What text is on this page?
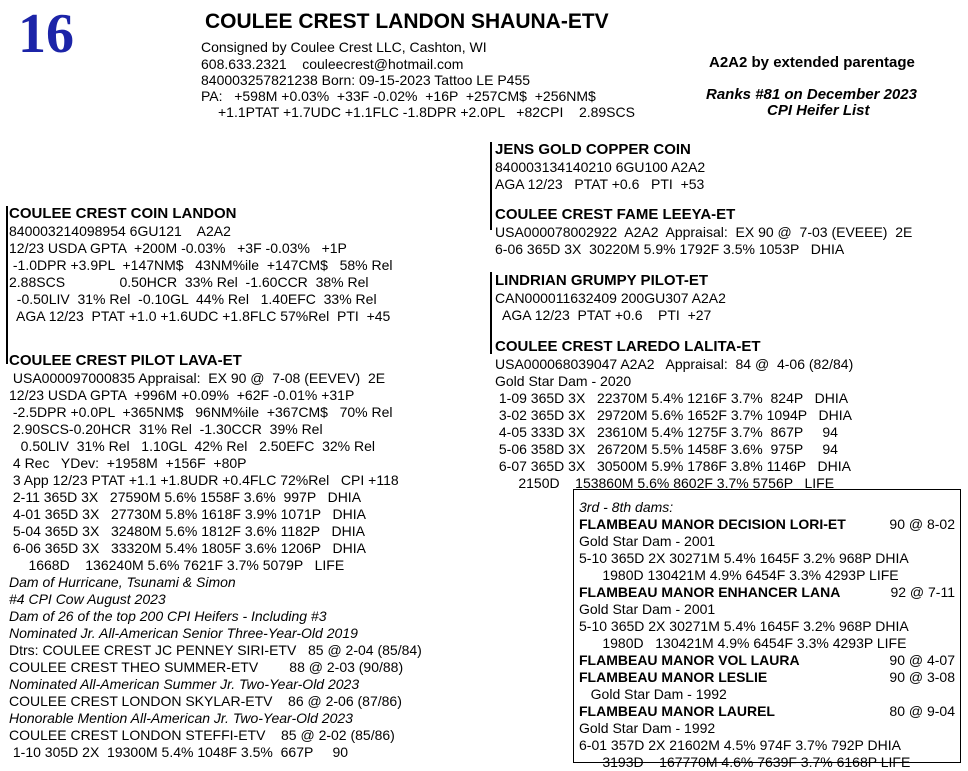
16	COULEE CREST LANDON SHAUNA-ETV
Consigned by Coulee Crest LLC, Cashton, WI
608.633.2321    couleecrest@hotmail.com
840003257821238 Born: 09-15-2023 Tattoo LE P455
PA:   +598M +0.03%  +33F -0.02%  +16P  +257CM$  +256NM$
+1.1PTAT +1.7UDC +1.1FLC -1.8DPR +2.0PL   +82CPI    2.89SCS
A2A2 by extended parentage
Ranks #81 on December 2023
CPI Heifer List
JENS GOLD COPPER COIN
840003134140210 6GU100 A2A2
AGA 12/23   PTAT +0.6   PTI  +53
COULEE CREST FAME LEEYA-ET
USA000078002922  A2A2  Appraisal:  EX 90 @  7-03 (EVEEE)  2E
6-06 365D 3X  30220M 5.9% 1792F 3.5% 1053P   DHIA
COULEE CREST COIN LANDON
840003214098954 6GU121    A2A2
12/23 USDA GPTA  +200M -0.03%   +3F -0.03%   +1P
-1.0DPR +3.9PL  +147NM$   43NM%ile  +147CM$   58% Rel
2.88SCS              0.50HCR  33% Rel  -1.60CCR  38% Rel
-0.50LIV  31% Rel  -0.10GL  44% Rel   1.40EFC  33% Rel
AGA 12/23  PTAT +1.0 +1.6UDC +1.8FLC 57%Rel  PTI  +45
LINDRIAN GRUMPY PILOT-ET
CAN000011632409 200GU307 A2A2
AGA 12/23  PTAT +0.6    PTI  +27
COULEE CREST LAREDO LALITA-ET
USA000068039047 A2A2   Appraisal:  84 @  4-06 (82/84)
Gold Star Dam - 2020
1-09 365D 3X   22370M 5.4% 1216F 3.7%  824P   DHIA
3-02 365D 3X   29720M 5.6% 1652F 3.7% 1094P   DHIA
4-05 333D 3X   23610M 5.4% 1275F 3.7%  867P     94
5-06 358D 3X   26720M 5.5% 1458F 3.6%  975P     94
6-07 365D 3X   30500M 5.9% 1786F 3.8% 1146P   DHIA
2150D    153860M 5.6% 8602F 3.7% 5756P   LIFE
COULEE CREST PILOT LAVA-ET
USA000097000835 Appraisal:  EX 90 @  7-08 (EEVEV)  2E
12/23 USDA GPTA  +996M +0.09%  +62F -0.01% +31P
-2.5DPR +0.0PL  +365NM$   96NM%ile  +367CM$   70% Rel
2.90SCS-0.20HCR  31% Rel  -1.30CCR  39% Rel
0.50LIV  31% Rel   1.10GL  42% Rel   2.50EFC  32% Rel
4 Rec   YDev:  +1958M  +156F  +80P
3 App 12/23 PTAT +1.1 +1.8UDR +0.4FLC 72%Rel   CPI +118
2-11 365D 3X   27590M 5.6% 1558F 3.6%  997P   DHIA
4-01 365D 3X   27730M 5.8% 1618F 3.9% 1071P   DHIA
5-04 365D 3X   32480M 5.6% 1812F 3.6% 1182P   DHIA
6-06 365D 3X   33320M 5.4% 1805F 3.6% 1206P   DHIA
1668D    136240M 5.6% 7621F 3.7% 5079P   LIFE
Dam of Hurricane, Tsunami & Simon
#4 CPI Cow August 2023
Dam of 26 of the top 200 CPI Heifers - Including #3
Nominated Jr. All-American Senior Three-Year-Old 2019
Dtrs: COULEE CREST JC PENNEY SIRI-ETV   85 @ 2-04 (85/84)
COULEE CREST THEO SUMMER-ETV        88 @ 2-03 (90/88)
Nominated All-American Summer Jr. Two-Year-Old 2023
COULEE CREST LONDON SKYLAR-ETV    86 @ 2-06 (87/86)
Honorable Mention All-American Jr. Two-Year-Old 2023
COULEE CREST LONDON STEFFI-ETV    85 @ 2-02 (85/86)
1-10 305D 2X  19300M 5.4% 1048F 3.5%  667P     90
3rd - 8th dams:
FLAMBEAU MANOR DECISION LORI-ET	90 @ 8-02
Gold Star Dam - 2001
5-10 365D 2X 30271M 5.4% 1645F 3.2% 968P DHIA
1980D 130421M 4.9% 6454F 3.3% 4293P LIFE
FLAMBEAU MANOR ENHANCER LANA	92 @ 7-11
Gold Star Dam - 2001
5-10 365D 2X 30271M 5.4% 1645F 3.2% 968P DHIA
1980D   130421M 4.9% 6454F 3.3% 4293P LIFE
FLAMBEAU MANOR VOL LAURA	90 @ 4-07
FLAMBEAU MANOR LESLIE	90 @ 3-08
Gold Star Dam - 1992
FLAMBEAU MANOR LAUREL	80 @ 9-04
Gold Star Dam - 1992
6-01 357D 2X 21602M 4.5% 974F 3.7% 792P DHIA
3193D    167770M 4.6% 7639F 3.7% 6168P LIFE
